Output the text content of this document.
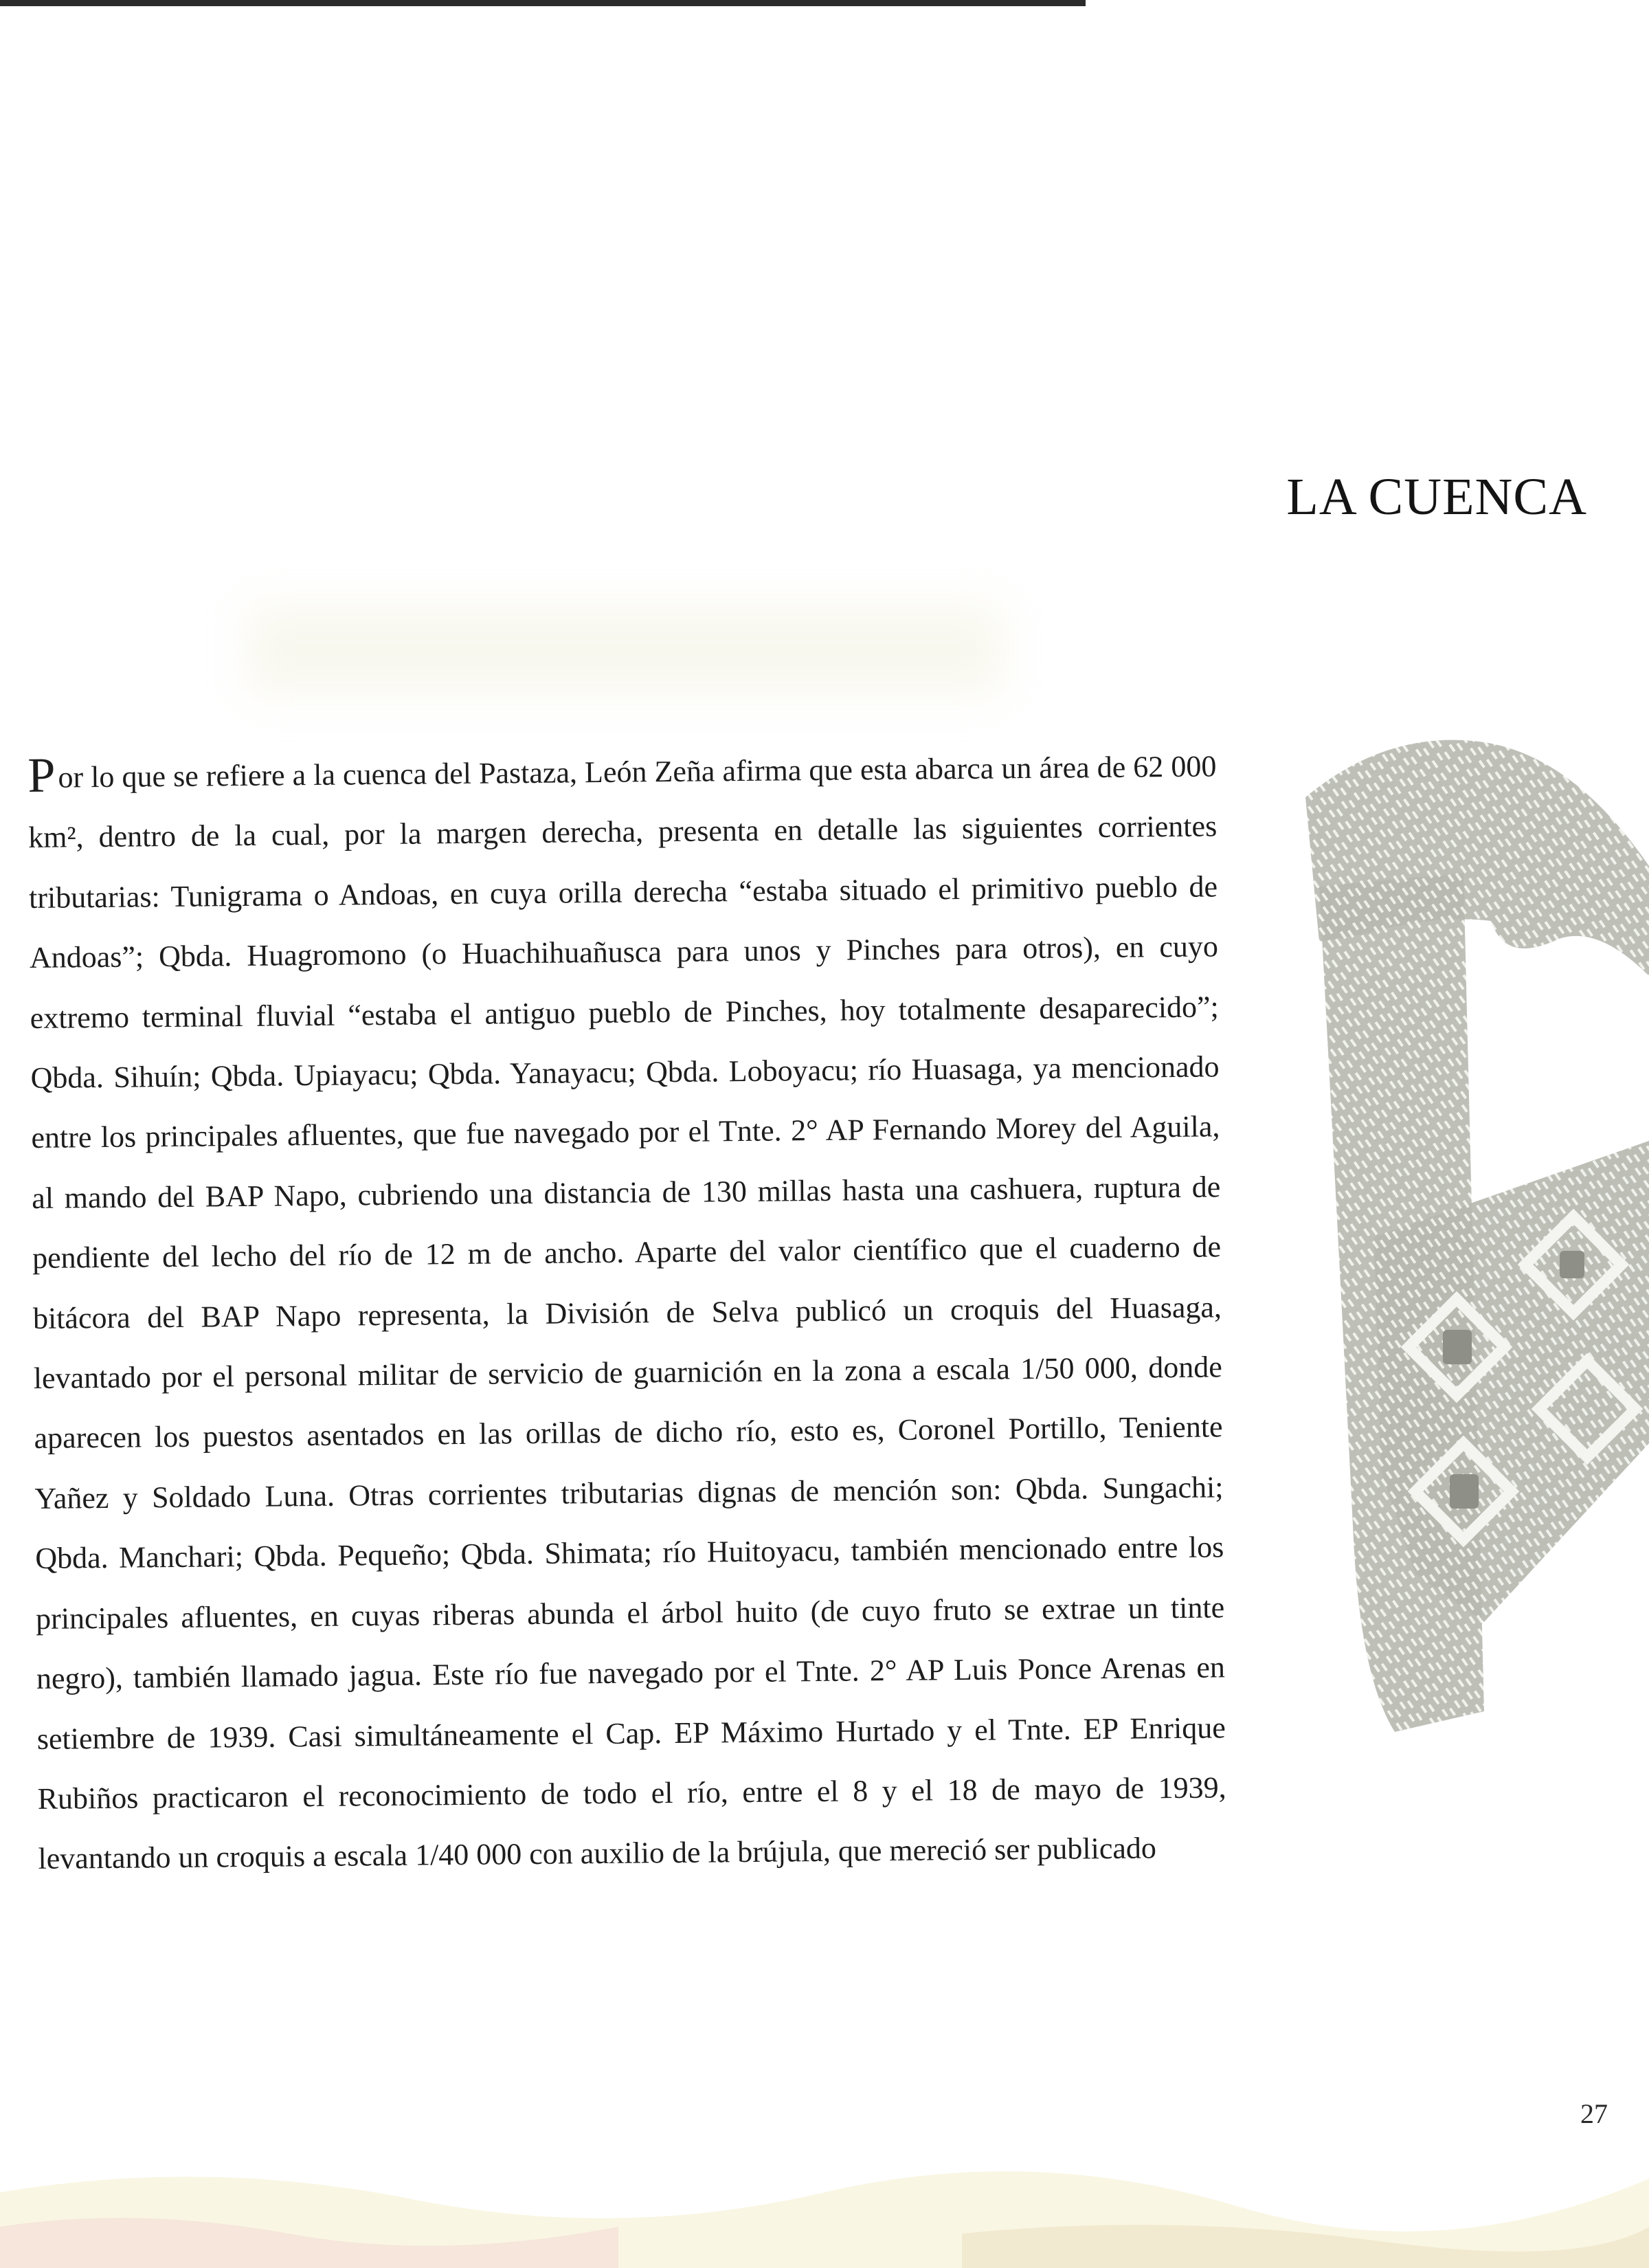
LA CUENCA

Por lo que se refiere a la cuenca del Pastaza, León Zeña afirma que esta abarca un área de 62 000 km², dentro de la cual, por la margen derecha, presenta en detalle las siguientes corrientes tributarias: Tunigrama o Andoas, en cuya orilla derecha “estaba situado el primitivo pueblo de Andoas”; Qbda. Huagromono (o Huachihuañusca para unos y Pinches para otros), en cuyo extremo terminal fluvial “estaba el antiguo pueblo de Pinches, hoy totalmente desaparecido”; Qbda. Sihuín; Qbda. Upiayacu; Qbda. Yanayacu; Qbda. Loboyacu; río Huasaga, ya mencionado entre los principales afluentes, que fue navegado por el Tnte. 2° AP Fernando Morey del Aguila, al mando del BAP Napo, cubriendo una distancia de 130 millas hasta una cashuera, ruptura de pendiente del lecho del río de 12 m de ancho. Aparte del valor científico que el cuaderno de bitácora del BAP Napo representa, la División de Selva publicó un croquis del Huasaga, levantado por el personal militar de servicio de guarnición en la zona a escala 1/50 000, donde aparecen los puestos asentados en las orillas de dicho río, esto es, Coronel Portillo, Teniente Yañez y Soldado Luna. Otras corrientes tributarias dignas de mención son: Qbda. Sungachi; Qbda. Manchari; Qbda. Pequeño; Qbda. Shimata; río Huitoyacu, también mencionado entre los principales afluentes, en cuyas riberas abunda el árbol huito (de cuyo fruto se extrae un tinte negro), también llamado jagua. Este río fue navegado por el Tnte. 2° AP Luis Ponce Arenas en setiembre de 1939. Casi simultáneamente el Cap. EP Máximo Hurtado y el Tnte. EP Enrique Rubiños practicaron el reconocimiento de todo el río, entre el 8 y el 18 de mayo de 1939, levantando un croquis a escala 1/40 000 con auxilio de la brújula, que mereció ser publicado

27
